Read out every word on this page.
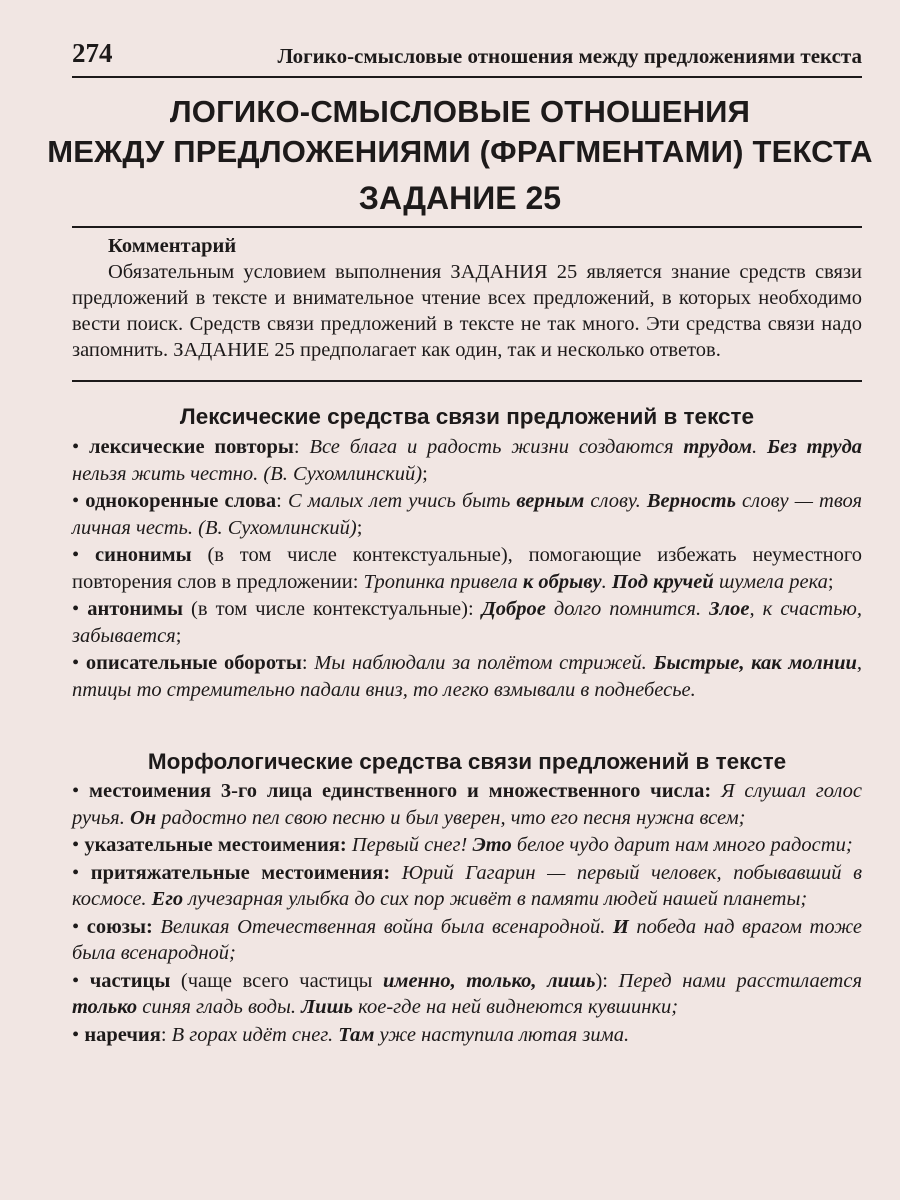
274	Логико-смысловые отношения между предложениями текста
ЛОГИКО-СМЫСЛОВЫЕ ОТНОШЕНИЯ
МЕЖДУ ПРЕДЛОЖЕНИЯМИ (ФРАГМЕНТАМИ) ТЕКСТА
ЗАДАНИЕ 25
Комментарий
Обязательным условием выполнения ЗАДАНИЯ 25 является знание средств связи предложений в тексте и внимательное чтение всех предложений, в которых необходимо вести поиск. Средств связи предложений в тексте не так много. Эти средства связи надо запомнить. ЗАДАНИЕ 25 предполагает как один, так и несколько ответов.
Лексические средства связи предложений в тексте
• лексические повторы: Все блага и радость жизни создаются трудом. Без труда нельзя жить честно. (В. Сухомлинский);
• однокоренные слова: С малых лет учись быть верным слову. Верность слову — твоя личная честь. (В. Сухомлинский);
• синонимы (в том числе контекстуальные), помогающие избежать неуместного повторения слов в предложении: Тропинка привела к обрыву. Под кручей шумела река;
• антонимы (в том числе контекстуальные): Доброе долго помнится. Злое, к счастью, забывается;
• описательные обороты: Мы наблюдали за полётом стрижей. Быстрые, как молнии, птицы то стремительно падали вниз, то легко взмывали в поднебесье.
Морфологические средства связи предложений в тексте
• местоимения 3-го лица единственного и множественного числа: Я слушал голос ручья. Он радостно пел свою песню и был уверен, что его песня нужна всем;
• указательные местоимения: Первый снег! Это белое чудо дарит нам много радости;
• притяжательные местоимения: Юрий Гагарин — первый человек, побывавший в космосе. Его лучезарная улыбка до сих пор живёт в памяти людей нашей планеты;
• союзы: Великая Отечественная война была всенародной. И победа над врагом тоже была всенародной;
• частицы (чаще всего частицы именно, только, лишь): Перед нами расстилается только синяя гладь воды. Лишь кое-где на ней виднеются кувшинки;
• наречия: В горах идёт снег. Там уже наступила лютая зима.
